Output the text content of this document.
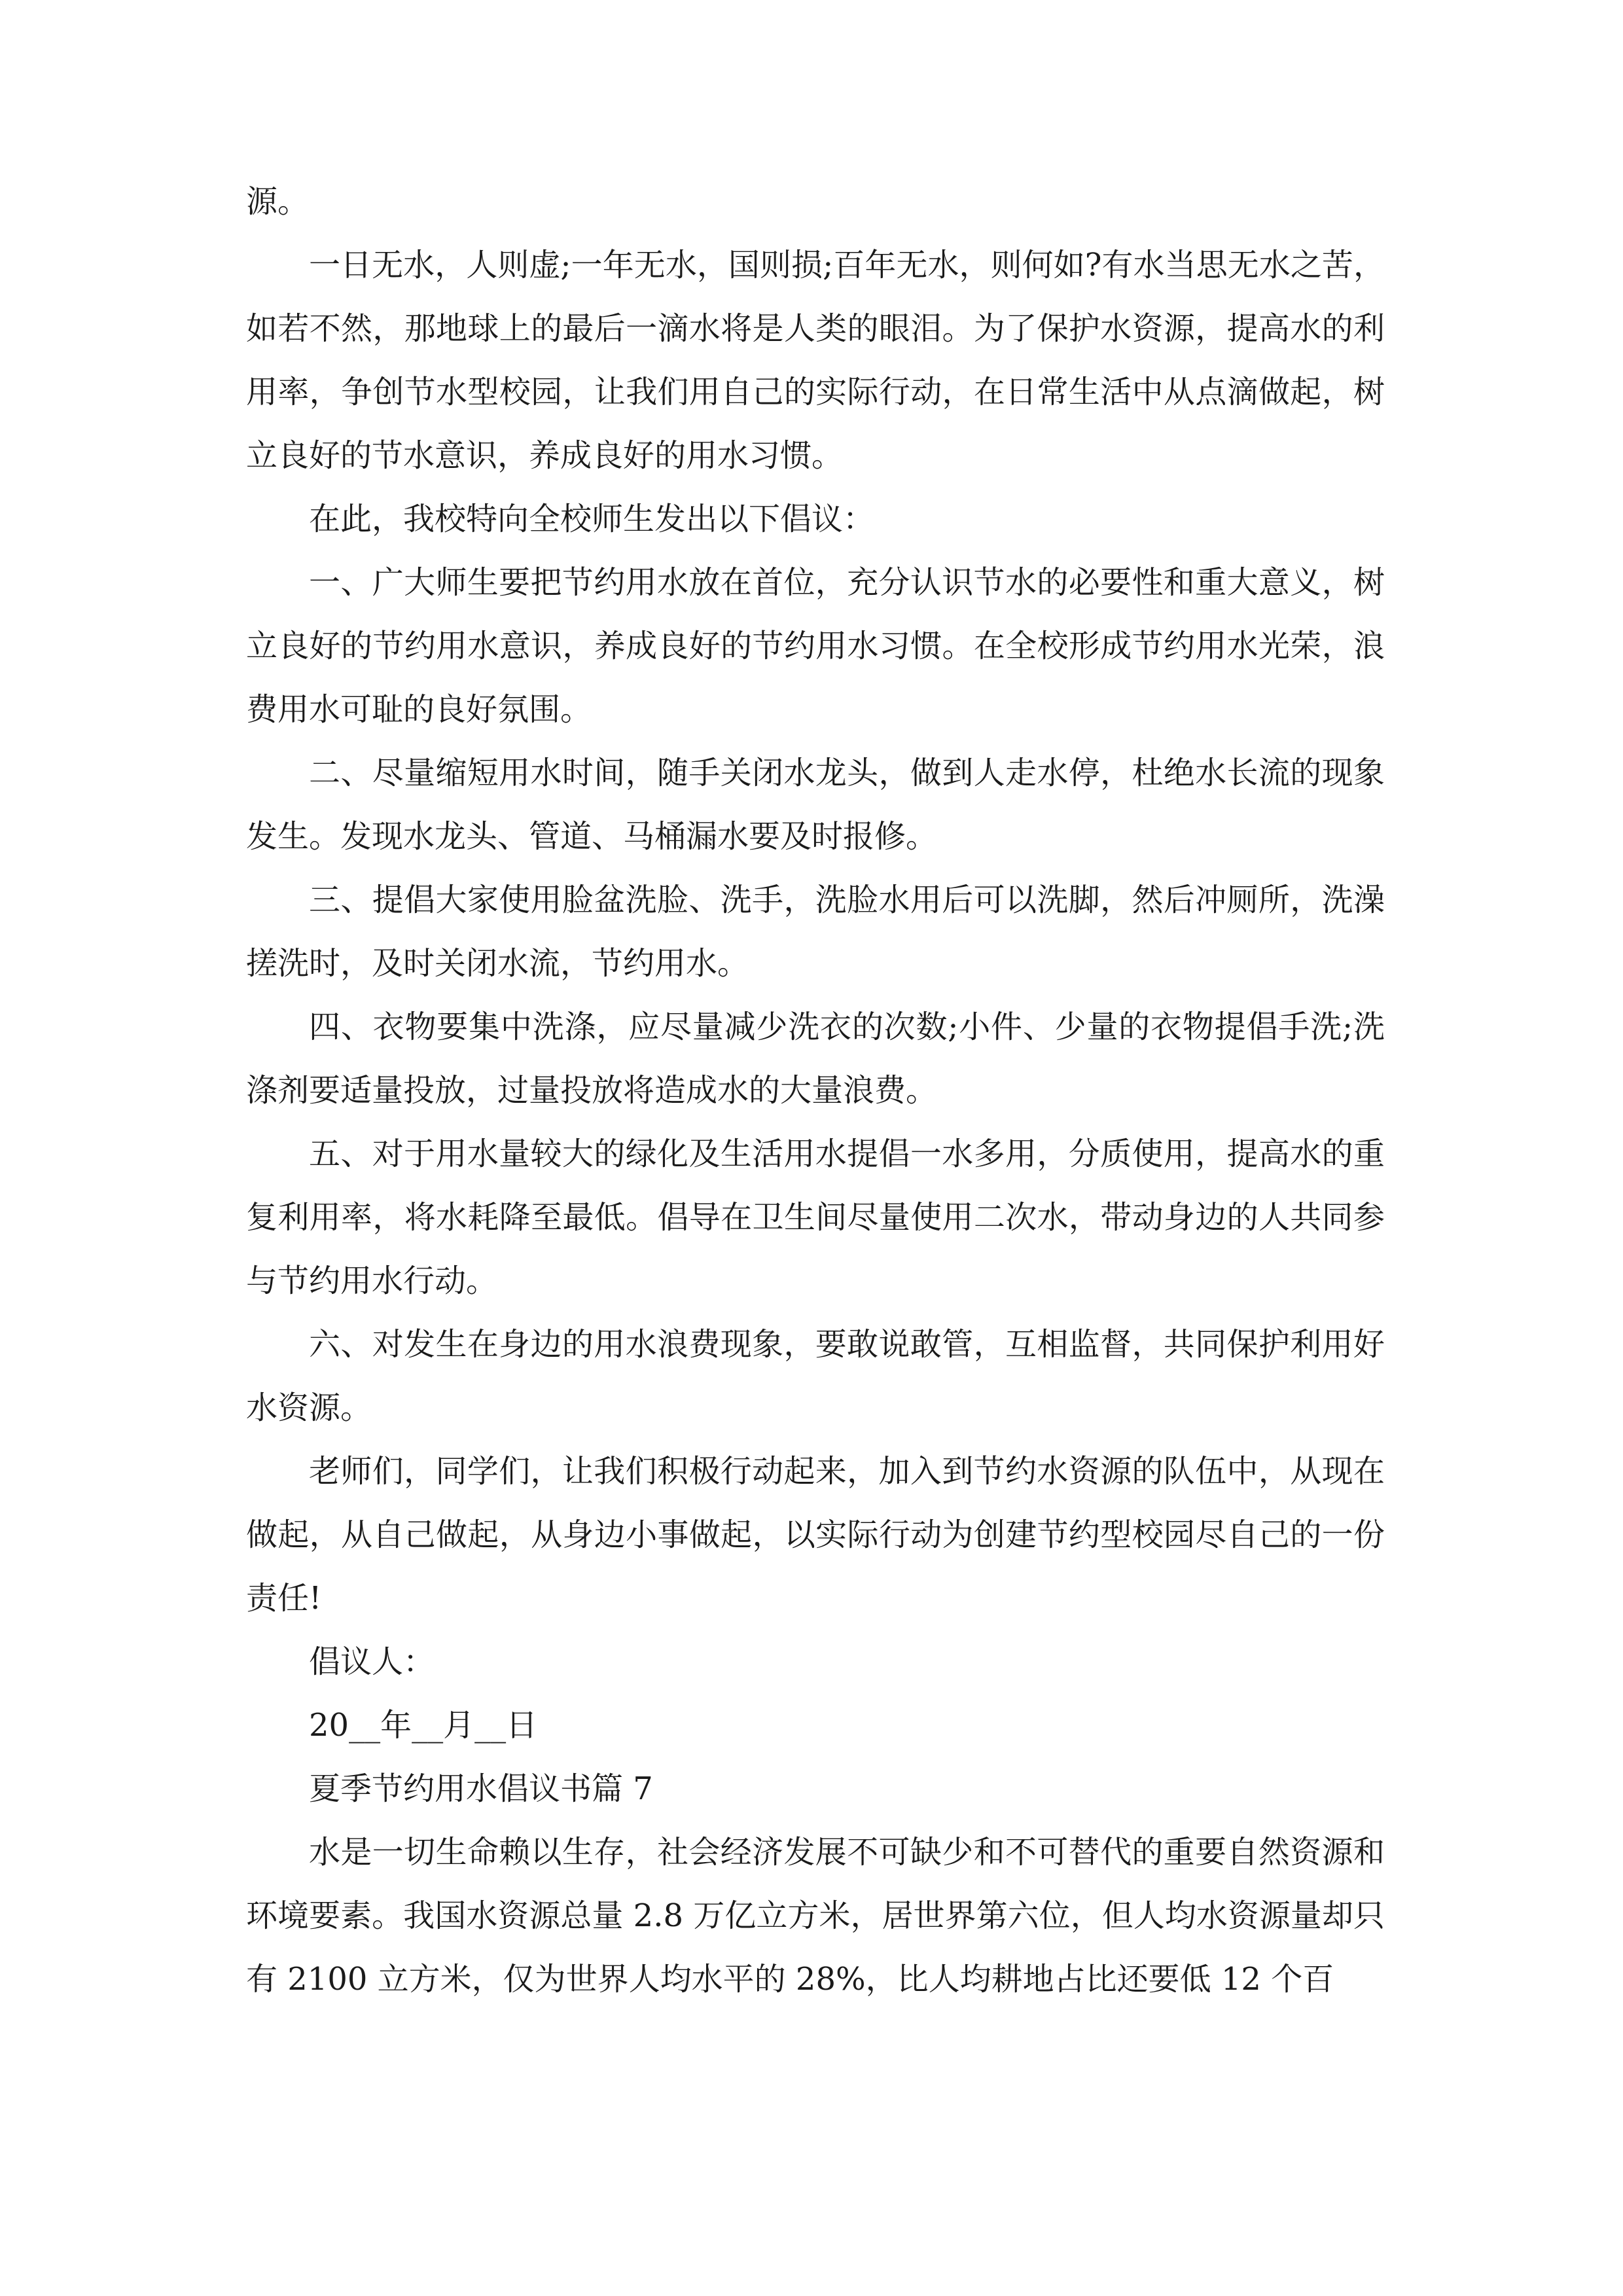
源。

一日无水，人则虚;一年无水，国则损;百年无水，则何如?有水当思无水之苦，如若不然，那地球上的最后一滴水将是人类的眼泪。为了保护水资源，提高水的利用率，争创节水型校园，让我们用自己的实际行动，在日常生活中从点滴做起，树立良好的节水意识，养成良好的用水习惯。

在此，我校特向全校师生发出以下倡议：

一、广大师生要把节约用水放在首位，充分认识节水的必要性和重大意义，树立良好的节约用水意识，养成良好的节约用水习惯。在全校形成节约用水光荣，浪费用水可耻的良好氛围。

二、尽量缩短用水时间，随手关闭水龙头，做到人走水停，杜绝水长流的现象发生。发现水龙头、管道、马桶漏水要及时报修。

三、提倡大家使用脸盆洗脸、洗手，洗脸水用后可以洗脚，然后冲厕所，洗澡搓洗时，及时关闭水流，节约用水。

四、衣物要集中洗涤，应尽量减少洗衣的次数;小件、少量的衣物提倡手洗;洗涤剂要适量投放，过量投放将造成水的大量浪费。

五、对于用水量较大的绿化及生活用水提倡一水多用，分质使用，提高水的重复利用率，将水耗降至最低。倡导在卫生间尽量使用二次水，带动身边的人共同参与节约用水行动。

六、对发生在身边的用水浪费现象，要敢说敢管，互相监督，共同保护利用好水资源。

老师们，同学们，让我们积极行动起来，加入到节约水资源的队伍中，从现在做起，从自己做起，从身边小事做起，以实际行动为创建节约型校园尽自己的一份责任!

倡议人：

20__年__月__日

夏季节约用水倡议书篇 7

水是一切生命赖以生存，社会经济发展不可缺少和不可替代的重要自然资源和环境要素。我国水资源总量 2.8 万亿立方米，居世界第六位，但人均水资源量却只有 2100 立方米，仅为世界人均水平的 28%，比人均耕地占比还要低 12 个百
